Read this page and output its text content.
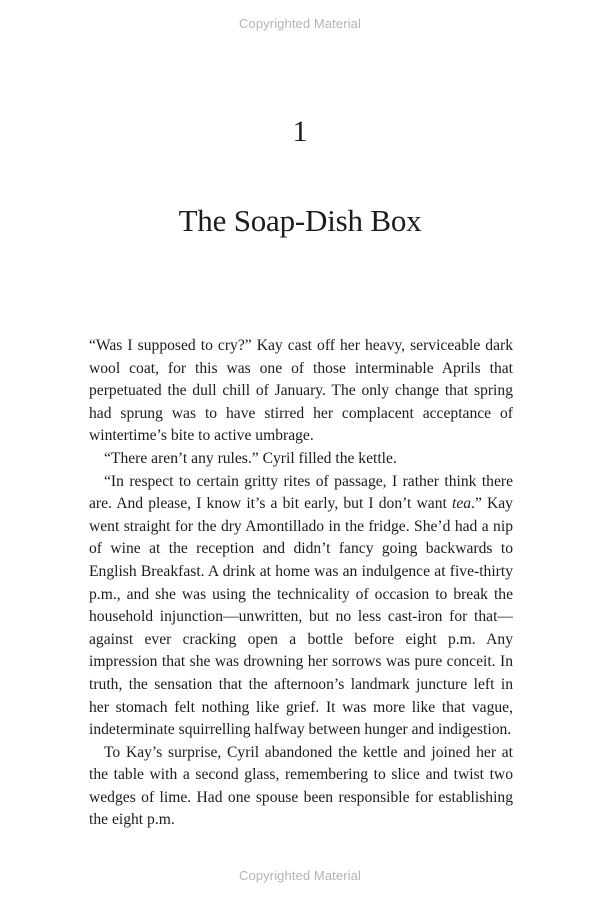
Copyrighted Material
1
The Soap-Dish Box

“Was I supposed to cry?” Kay cast off her heavy, serviceable dark wool coat, for this was one of those interminable Aprils that perpetuated the dull chill of January. The only change that spring had sprung was to have stirred her complacent acceptance of wintertime’s bite to active umbrage.

“There aren’t any rules.” Cyril filled the kettle.

“In respect to certain gritty rites of passage, I rather think there are. And please, I know it’s a bit early, but I don’t want tea.” Kay went straight for the dry Amontillado in the fridge. She’d had a nip of wine at the reception and didn’t fancy going backwards to English Breakfast. A drink at home was an indulgence at five-thirty p.m., and she was using the technicality of occasion to break the household injunction—unwritten, but no less cast-iron for that—against ever cracking open a bottle before eight p.m. Any impression that she was drowning her sorrows was pure conceit. In truth, the sensation that the afternoon’s landmark juncture left in her stomach felt nothing like grief. It was more like that vague, indeterminate squirrelling halfway between hunger and indigestion.

To Kay’s surprise, Cyril abandoned the kettle and joined her at the table with a second glass, remembering to slice and twist two wedges of lime. Had one spouse been responsible for establishing the eight p.m.

Copyrighted Material
